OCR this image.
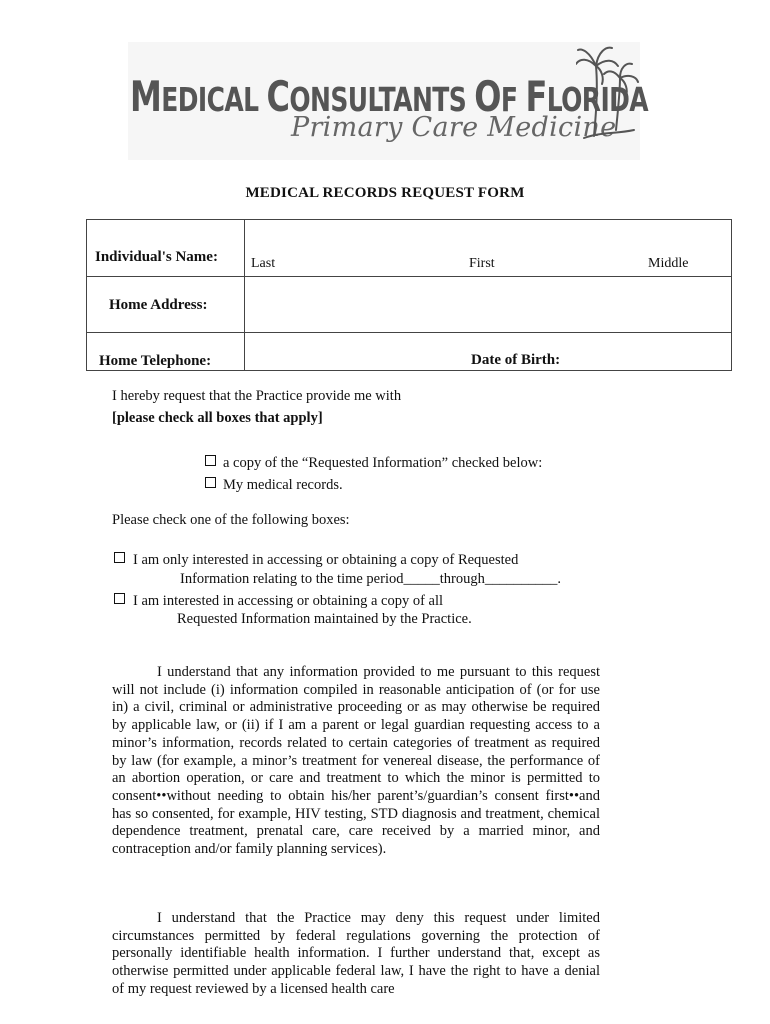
MEDICAL CONSULTANTS OF FLORIDA
Primary Care Medicine
MEDICAL RECORDS REQUEST FORM
Individual's Name: Last	First	Middle
Home Address:
Home Telephone:	Date of Birth:
I hereby request that the Practice provide me with
[please check all boxes that apply]
a copy of the “Requested Information” checked below:
My medical records.
Please check one of the following boxes:
I am only interested in accessing or obtaining a copy of Requested
Information relating to the time period_____through__________.
I am interested in accessing or obtaining a copy of all
Requested Information maintained by the Practice.
I understand that any information provided to me pursuant to this request will not include (i) information compiled in reasonable anticipation of (or for use in) a civil, criminal or administrative proceeding or as may otherwise be required by applicable law, or (ii) if I am a parent or legal guardian requesting access to a minor’s information, records related to certain categories of treatment as required by law (for example, a minor’s treatment for venereal disease, the performance of an abortion operation, or care and treatment to which the minor is permitted to consent••without needing to obtain his/her parent’s/guardian’s consent first••and has so consented, for example, HIV testing, STD diagnosis and treatment, chemical dependence treatment, prenatal care, care received by a married minor, and contraception and/or family planning services).
I understand that the Practice may deny this request under limited circumstances permitted by federal regulations governing the protection of personally identifiable health information. I further understand that, except as otherwise permitted under applicable federal law, I have the right to have a denial of my request reviewed by a licensed health care
